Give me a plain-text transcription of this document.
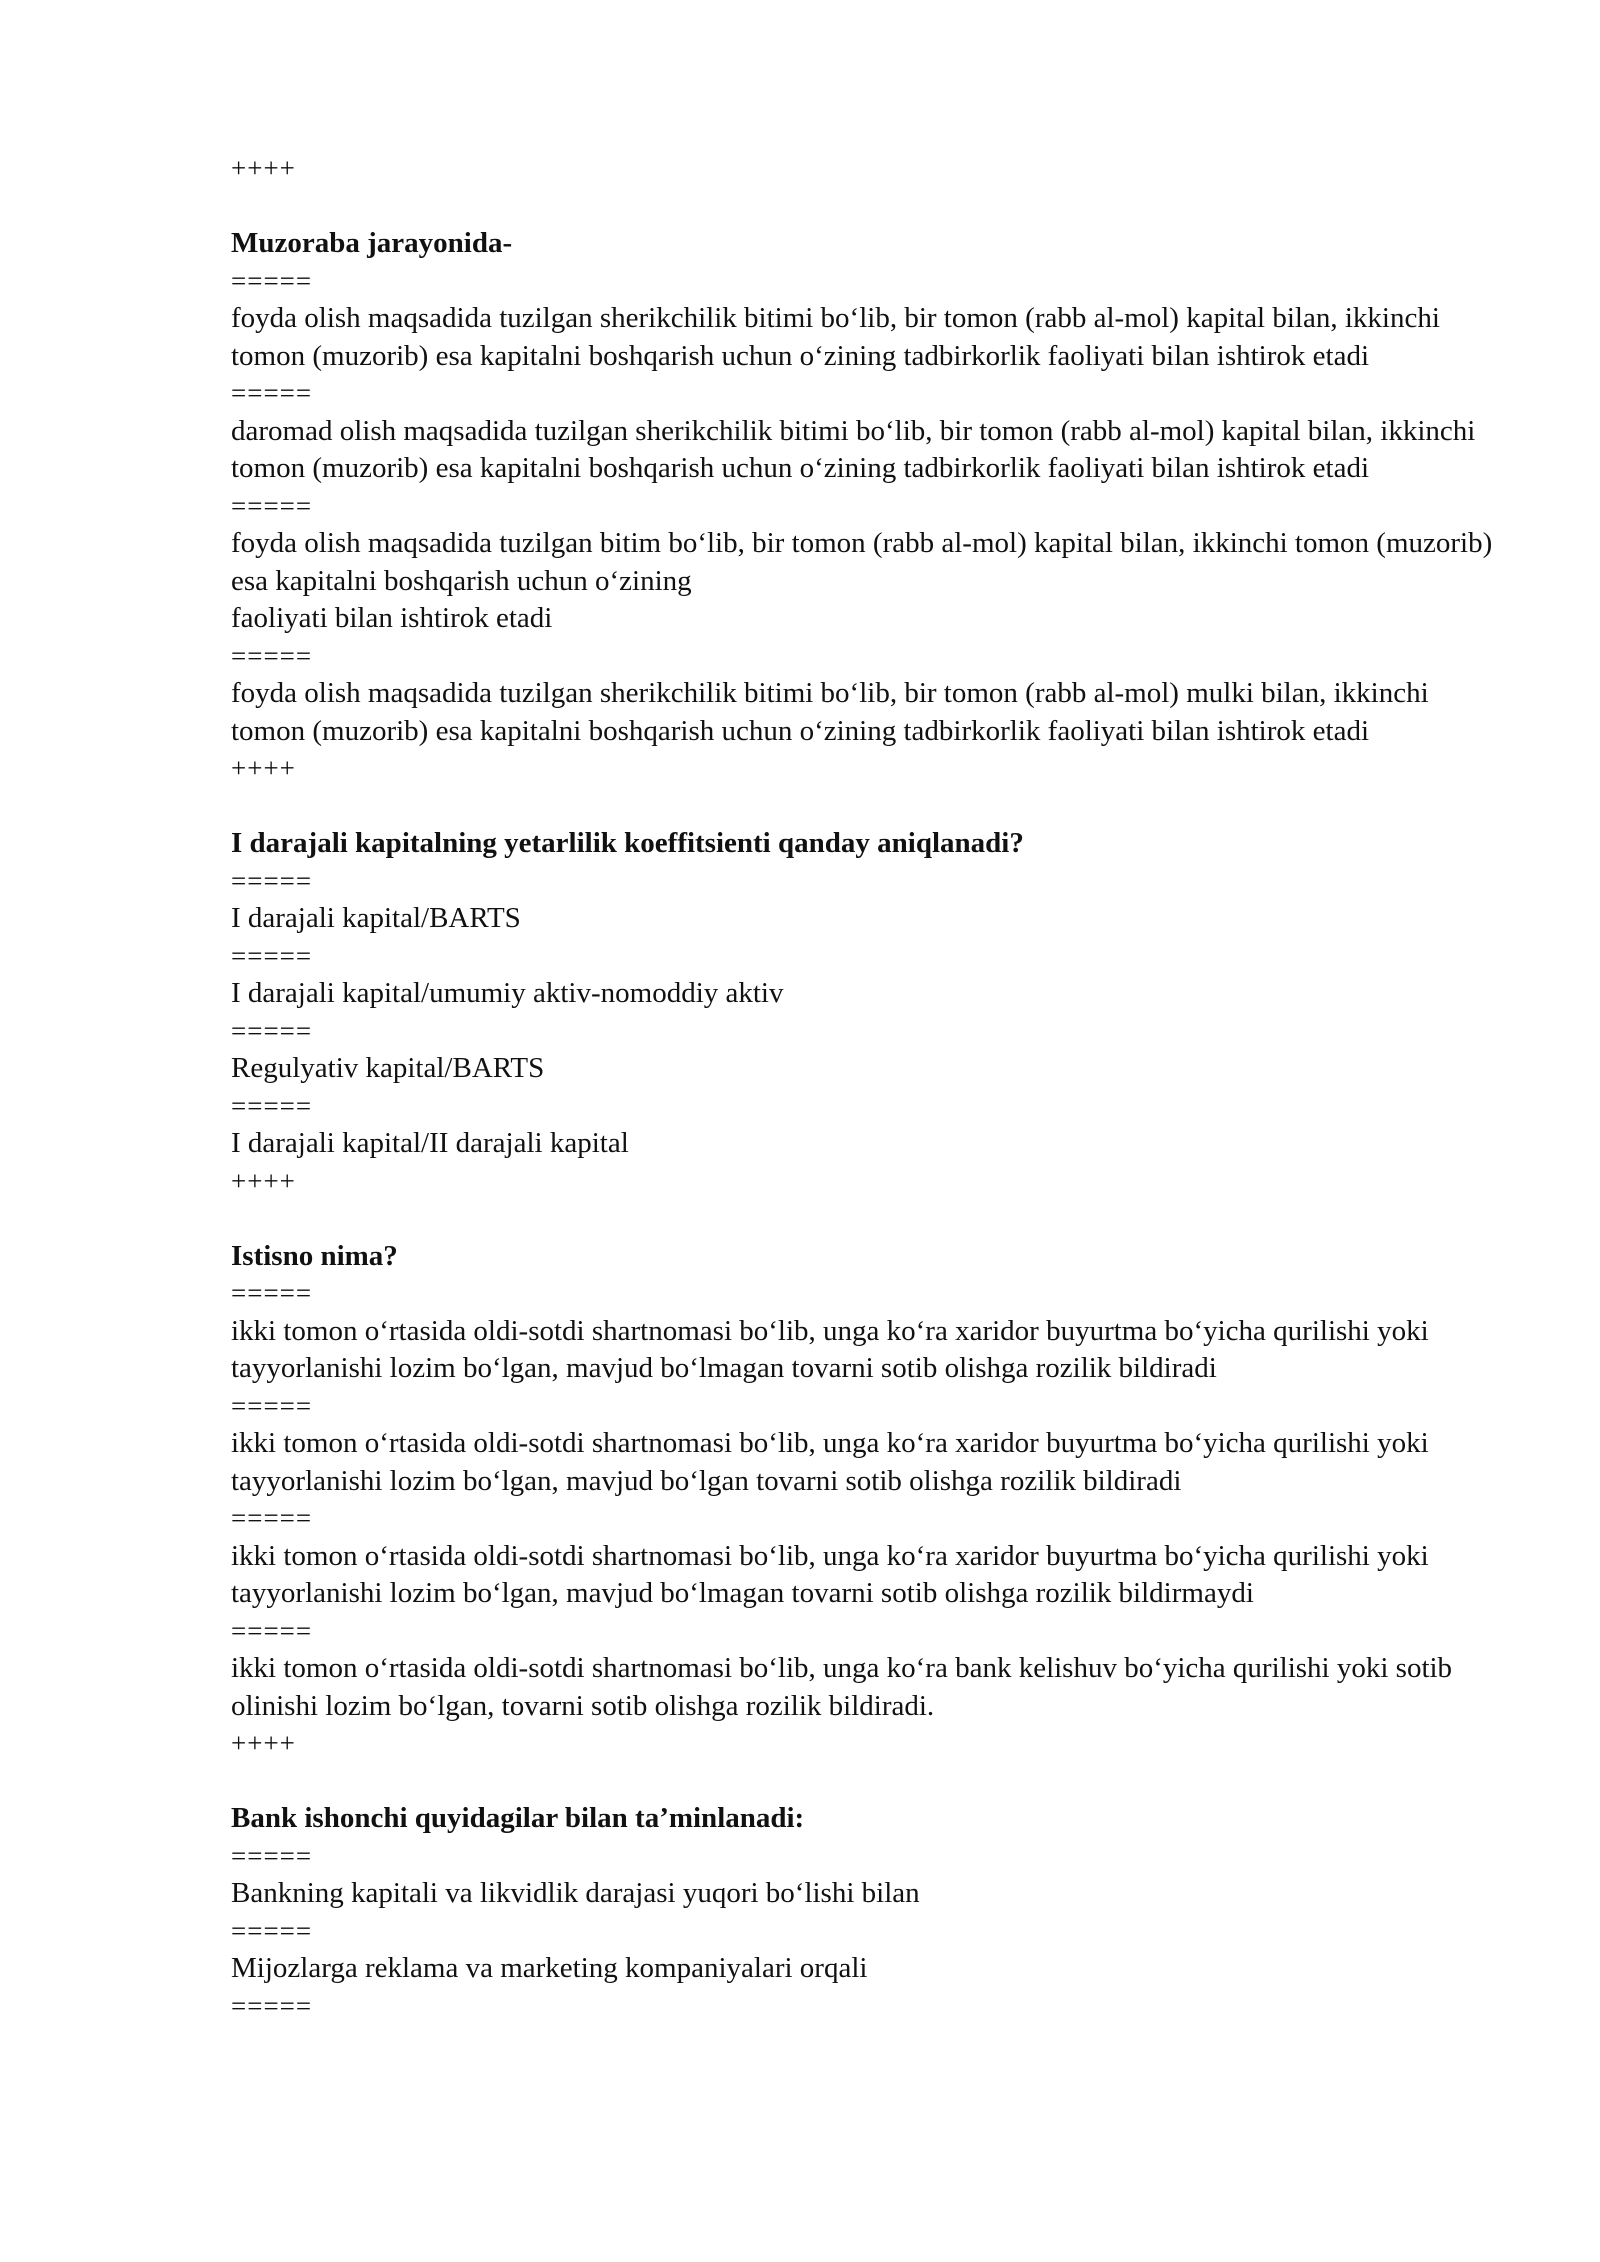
++++
Muzoraba jarayonida-
=====
foyda olish maqsadida tuzilgan sherikchilik bitimi bo‘lib, bir tomon (rabb al-mol) kapital bilan, ikkinchi tomon (muzorib) esa kapitalni boshqarish uchun o‘zining tadbirkorlik faoliyati bilan ishtirok etadi
=====
daromad olish maqsadida tuzilgan sherikchilik bitimi bo‘lib, bir tomon (rabb al-mol) kapital bilan, ikkinchi tomon (muzorib) esa kapitalni boshqarish uchun o‘zining tadbirkorlik faoliyati bilan ishtirok etadi
=====
foyda olish maqsadida tuzilgan bitim bo‘lib, bir tomon (rabb al-mol) kapital bilan, ikkinchi tomon (muzorib) esa kapitalni boshqarish uchun o‘zining
faoliyati bilan ishtirok etadi
=====
foyda olish maqsadida tuzilgan sherikchilik bitimi bo‘lib, bir tomon (rabb al-mol) mulki bilan, ikkinchi tomon (muzorib) esa kapitalni boshqarish uchun o‘zining tadbirkorlik faoliyati bilan ishtirok etadi
++++
I darajali kapitalning yetarlilik koeffitsienti qanday aniqlanadi?
=====
I darajali kapital/BARTS
=====
I darajali kapital/umumiy aktiv-nomoddiy aktiv
=====
Regulyativ kapital/BARTS
=====
I darajali kapital/II darajali kapital
++++
Istisno nima?
=====
ikki tomon o‘rtasida oldi-sotdi shartnomasi bo‘lib, unga ko‘ra xaridor buyurtma bo‘yicha qurilishi yoki tayyorlanishi lozim bo‘lgan, mavjud bo‘lmagan tovarni sotib olishga rozilik bildiradi
=====
ikki tomon o‘rtasida oldi-sotdi shartnomasi bo‘lib, unga ko‘ra xaridor buyurtma bo‘yicha qurilishi yoki tayyorlanishi lozim bo‘lgan, mavjud bo‘lgan tovarni sotib olishga rozilik bildiradi
=====
ikki tomon o‘rtasida oldi-sotdi shartnomasi bo‘lib, unga ko‘ra xaridor buyurtma bo‘yicha qurilishi yoki tayyorlanishi lozim bo‘lgan, mavjud bo‘lmagan tovarni sotib olishga rozilik bildirmaydi
=====
ikki tomon o‘rtasida oldi-sotdi shartnomasi bo‘lib, unga ko‘ra bank kelishuv bo‘yicha qurilishi yoki sotib olinishi lozim bo‘lgan, tovarni sotib olishga rozilik bildiradi.
++++
Bank ishonchi quyidagilar bilan ta’minlanadi:
=====
Bankning kapitali va likvidlik darajasi yuqori bo‘lishi bilan
=====
Mijozlarga reklama va marketing kompaniyalari orqali
=====
